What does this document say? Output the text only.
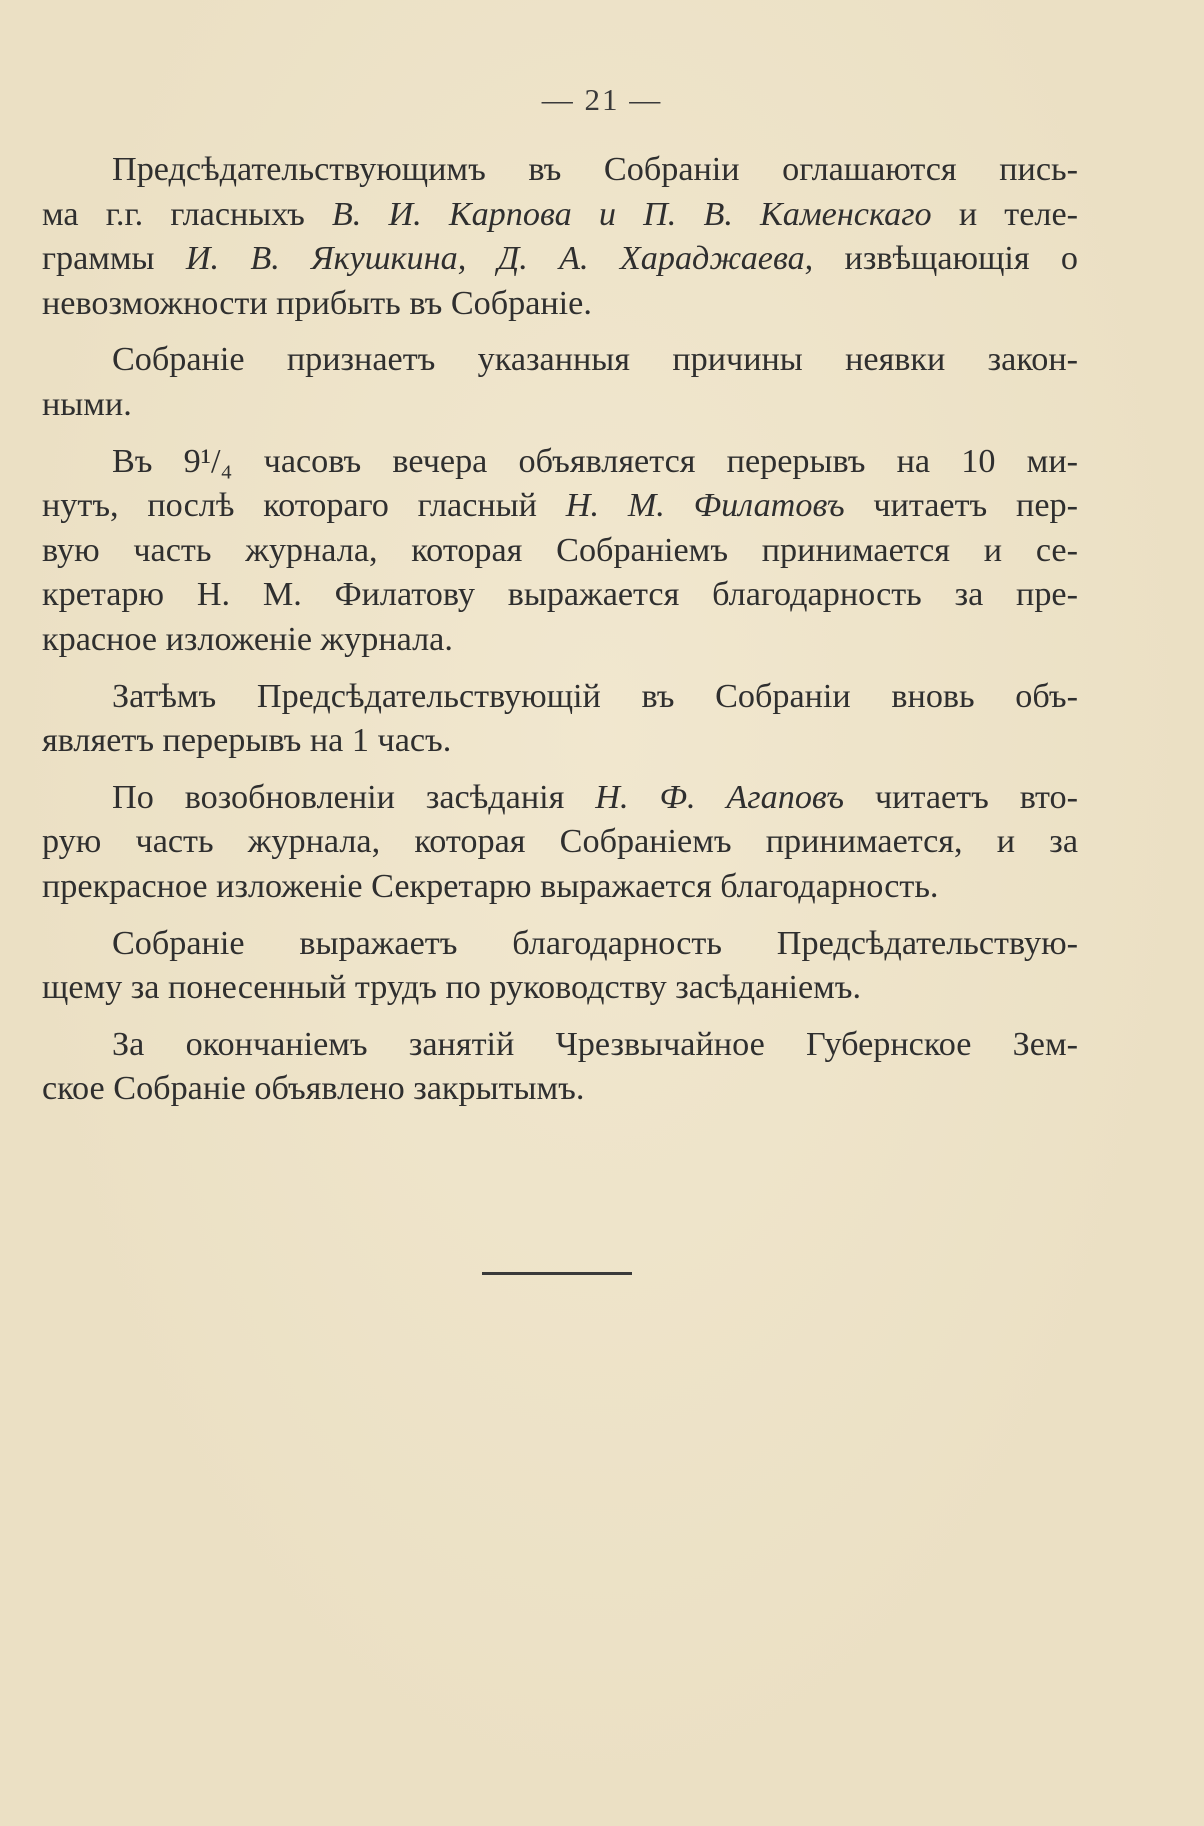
— 21 —
Предсѣдательствующимъ въ Собраніи оглашаются пись-
ма г.г. гласныхъ В. И. Карпова и П. В. Каменскаго и теле-
граммы И. В. Якушкина, Д. А. Хараджаева, извѣщающія о
невозможности прибыть въ Собраніе.
Собраніе признаетъ указанныя причины неявки закон-
ными.
Въ 9¹/₄ часовъ вечера объявляется перерывъ на 10 ми-
нутъ, послѣ котораго гласный Н. М. Филатовъ читаетъ пер-
вую часть журнала, которая Собраніемъ принимается и се-
кретарю Н. М. Филатову выражается благодарность за пре-
красное изложеніе журнала.
Затѣмъ Предсѣдательствующій въ Собраніи вновь объ-
являетъ перерывъ на 1 часъ.
По возобновленіи засѣданія Н. Ф. Агаповъ читаетъ вто-
рую часть журнала, которая Собраніемъ принимается, и за
прекрасное изложеніе Секретарю выражается благодарность.
Собраніе выражаетъ благодарность Предсѣдательствую-
щему за понесенный трудъ по руководству засѣданіемъ.
За окончаніемъ занятій Чрезвычайное Губернское Зем-
ское Собраніе объявлено закрытымъ.
